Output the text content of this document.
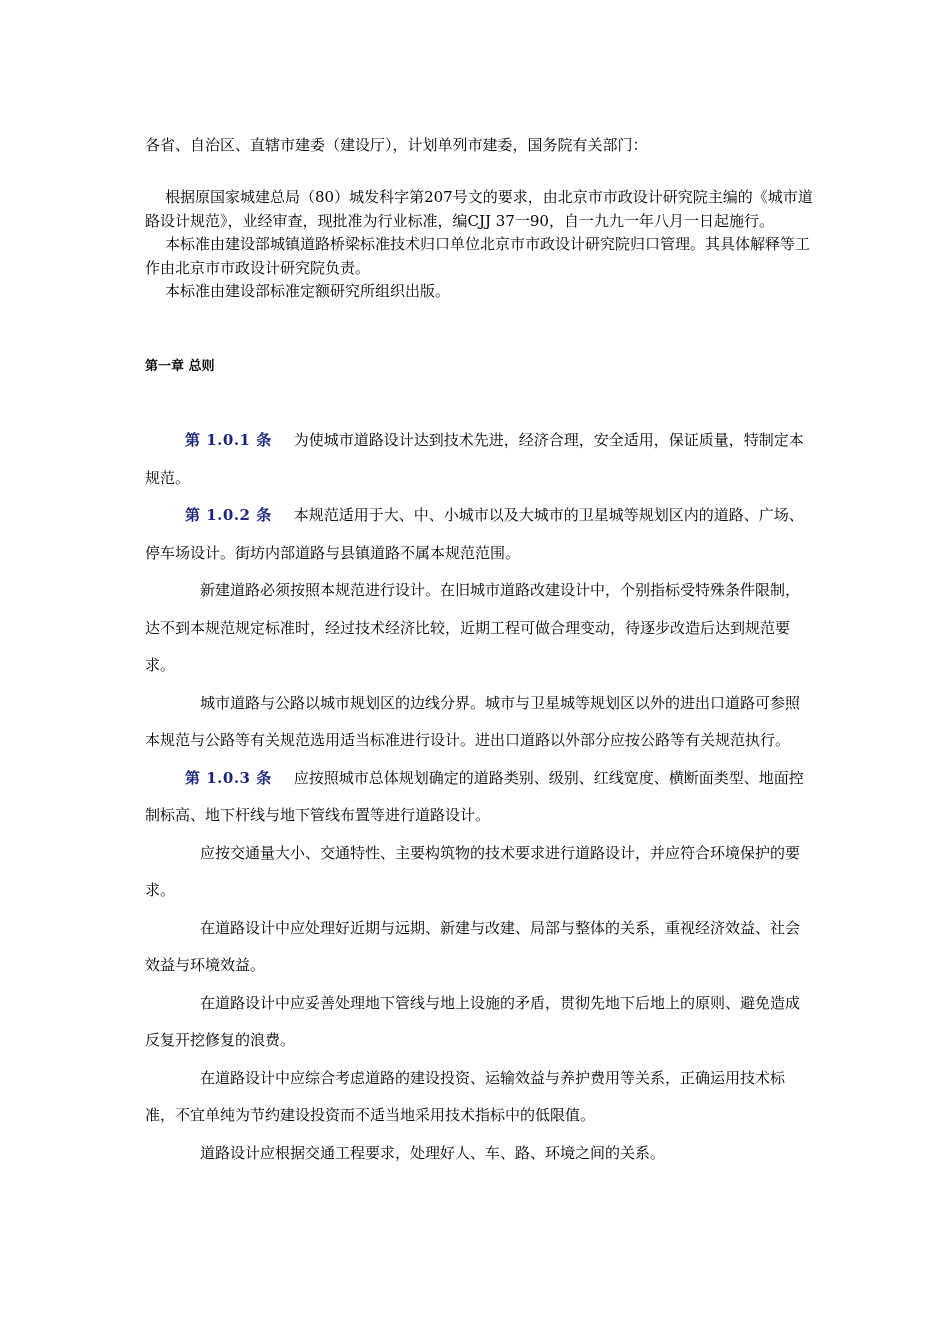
各省、自治区、直辖市建委（建设厅），计划单列市建委，国务院有关部门：

根据原国家城建总局（80）城发科字第207号文的要求，由北京市市政设计研究院主编的《城市道路设计规范》，业经审查，现批准为行业标准，编CJJ 37一90，自一九九一年八月一日起施行。

本标准由建设部城镇道路桥梁标准技术归口单位北京市市政设计研究院归口管理。其具体解释等工作由北京市市政设计研究院负责。

本标准由建设部标准定额研究所组织出版。

第一章 总则

第 1.0.1 条 为使城市道路设计达到技术先进，经济合理，安全适用，保证质量，特制定本规范。

第 1.0.2 条 本规范适用于大、中、小城市以及大城市的卫星城等规划区内的道路、广场、停车场设计。街坊内部道路与县镇道路不属本规范范围。

新建道路必须按照本规范进行设计。在旧城市道路改建设计中，个别指标受特殊条件限制，达不到本规范规定标准时，经过技术经济比较，近期工程可做合理变动，待逐步改造后达到规范要求。

城市道路与公路以城市规划区的边线分界。城市与卫星城等规划区以外的进出口道路可参照本规范与公路等有关规范选用适当标准进行设计。进出口道路以外部分应按公路等有关规范执行。

第 1.0.3 条 应按照城市总体规划确定的道路类别、级别、红线宽度、横断面类型、地面控制标高、地下杆线与地下管线布置等进行道路设计。

应按交通量大小、交通特性、主要构筑物的技术要求进行道路设计，并应符合环境保护的要求。

在道路设计中应处理好近期与远期、新建与改建、局部与整体的关系，重视经济效益、社会效益与环境效益。

在道路设计中应妥善处理地下管线与地上设施的矛盾，贯彻先地下后地上的原则、避免造成反复开挖修复的浪费。

在道路设计中应综合考虑道路的建设投资、运输效益与养护费用等关系，正确运用技术标准，不宜单纯为节约建设投资而不适当地采用技术指标中的低限值。

道路设计应根据交通工程要求，处理好人、车、路、环境之间的关系。
